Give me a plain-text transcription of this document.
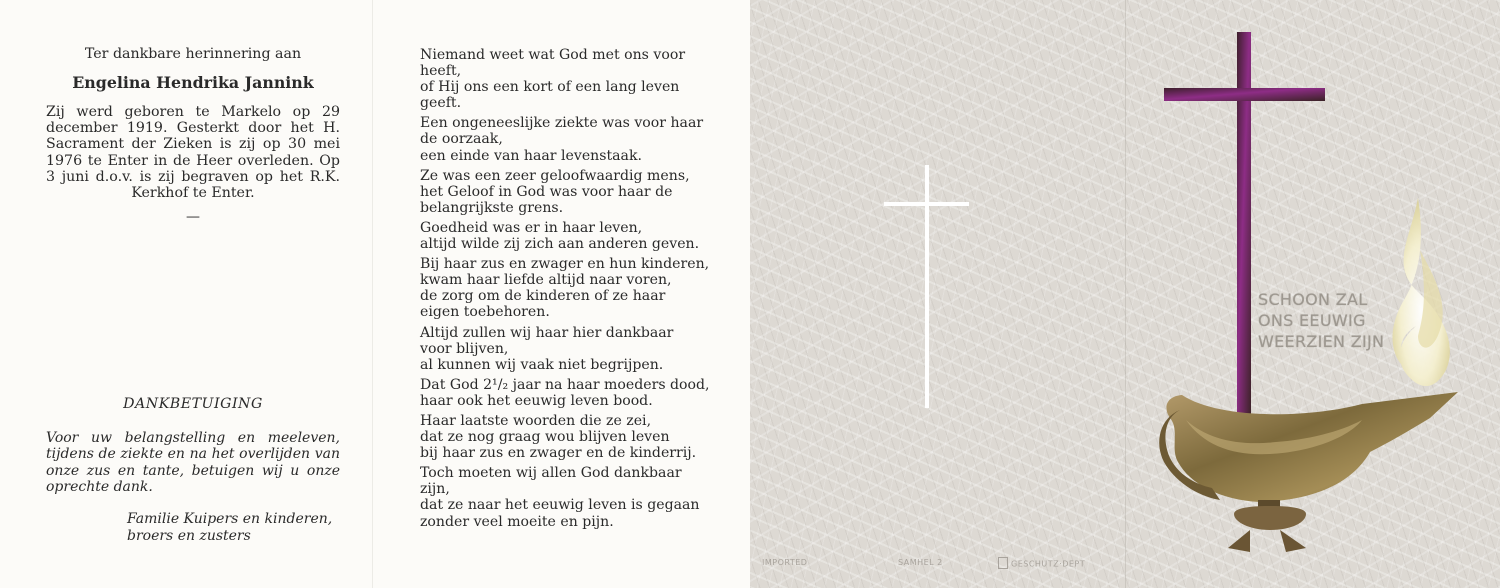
Ter dankbare herinnering aan

Engelina Hendrika Jannink

Zij werd geboren te Markelo op 29 december 1919. Gesterkt door het H. Sacrament der Zieken is zij op 30 mei 1976 te Enter in de Heer overleden. Op 3 juni d.o.v. is zij begraven op het R.K. Kerkhof te Enter.

—

DANKBETUIGING
Voor uw belangstelling en meeleven, tijdens de ziekte en na het overlijden van onze zus en tante, betuigen wij u onze oprechte dank.
Familie Kuipers en kinderen,
broers en zusters
Niemand weet wat God met ons voor
heeft,
of Hij ons een kort of een lang leven
geeft.
Een ongeneeslijke ziekte was voor haar
de oorzaak,
een einde van haar levenstaak.
Ze was een zeer geloofwaardig mens,
het Geloof in God was voor haar de
belangrijkste grens.
Goedheid was er in haar leven,
altijd wilde zij zich aan anderen geven.
Bij haar zus en zwager en hun kinderen,
kwam haar liefde altijd naar voren,
de zorg om de kinderen of ze haar
eigen toebehoren.
Altijd zullen wij haar hier dankbaar
voor blijven,
al kunnen wij vaak niet begrijpen.
Dat God 2¹/₂ jaar na haar moeders dood,
haar ook het eeuwig leven bood.
Haar laatste woorden die ze zei,
dat ze nog graag wou blijven leven
bij haar zus en zwager en de kinderrij.
Toch moeten wij allen God dankbaar
zijn,
dat ze naar het eeuwig leven is gegaan
zonder veel moeite en pijn.
SCHOON ZAL
ONS EEUWIG
WEERZIEN ZIJN
IMPORTED	SAMHEL 2	GESCHUTZ·DEPT
